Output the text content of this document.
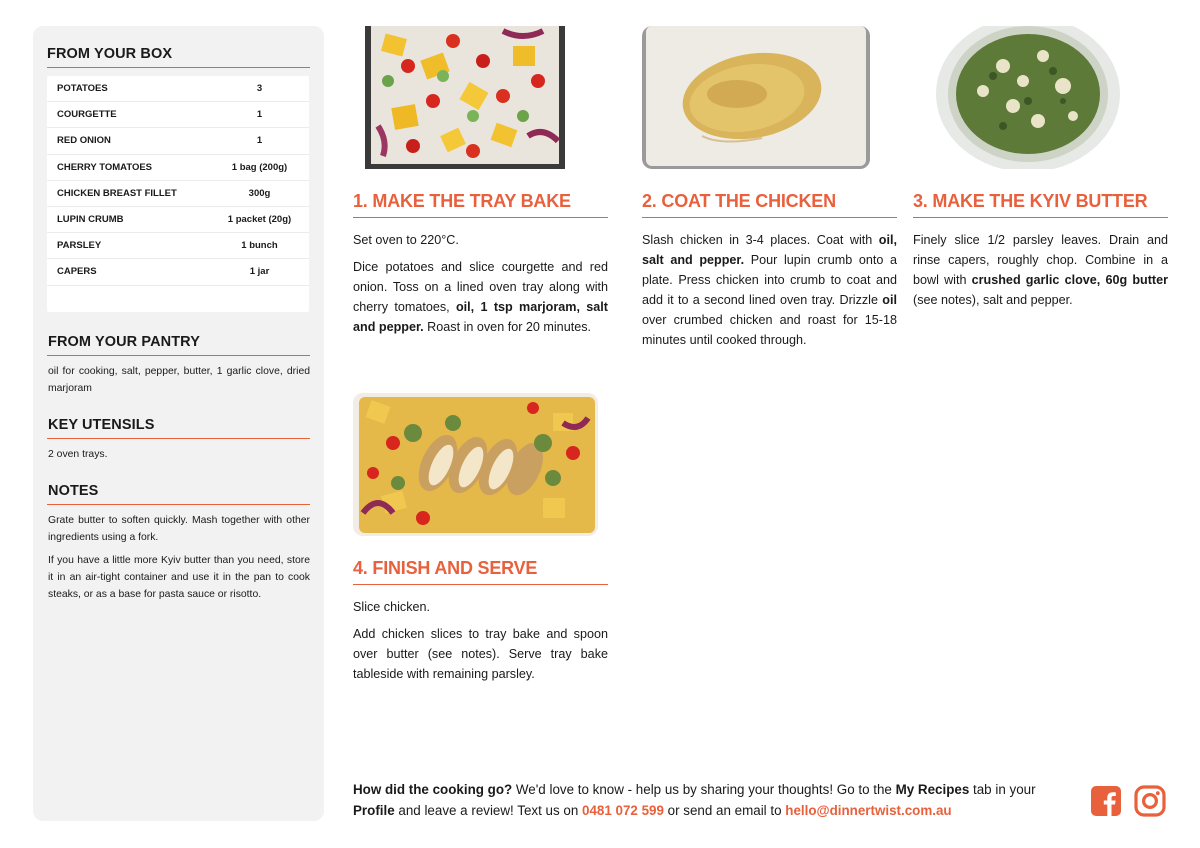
FROM YOUR BOX
POTATOES	3
COURGETTE	1
RED ONION	1
CHERRY TOMATOES	1 bag (200g)
CHICKEN BREAST FILLET	300g
LUPIN CRUMB	1 packet (20g)
PARSLEY	1 bunch
CAPERS	1 jar
FROM YOUR PANTRY

oil for cooking, salt, pepper, butter, 1 garlic clove, dried marjoram

KEY UTENSILS

2 oven trays.

NOTES

Grate butter to soften quickly. Mash together with other ingredients using a fork.

If you have a little more Kyiv butter than you need, store it in an air-tight container and use it in the pan to cook steaks, or as a base for pasta sauce or risotto.

1. MAKE THE TRAY BAKE

Set oven to 220°C.

Dice potatoes and slice courgette and red onion. Toss on a lined oven tray along with cherry tomatoes, oil, 1 tsp marjoram, salt and pepper. Roast in oven for 20 minutes.

2. COAT THE CHICKEN

Slash chicken in 3-4 places. Coat with oil, salt and pepper. Pour lupin crumb onto a plate. Press chicken into crumb to coat and add it to a second lined oven tray. Drizzle oil over crumbed chicken and roast for 15-18 minutes until cooked through.

3. MAKE THE KYIV BUTTER

Finely slice 1/2 parsley leaves. Drain and rinse capers, roughly chop. Combine in a bowl with crushed garlic clove, 60g butter (see notes), salt and pepper.

4. FINISH AND SERVE

Slice chicken.

Add chicken slices to tray bake and spoon over butter (see notes). Serve tray bake tableside with remaining parsley.

How did the cooking go? We'd love to know - help us by sharing your thoughts! Go to the My Recipes tab in your Profile and leave a review! Text us on 0481 072 599 or send an email to hello@dinnertwist.com.au
